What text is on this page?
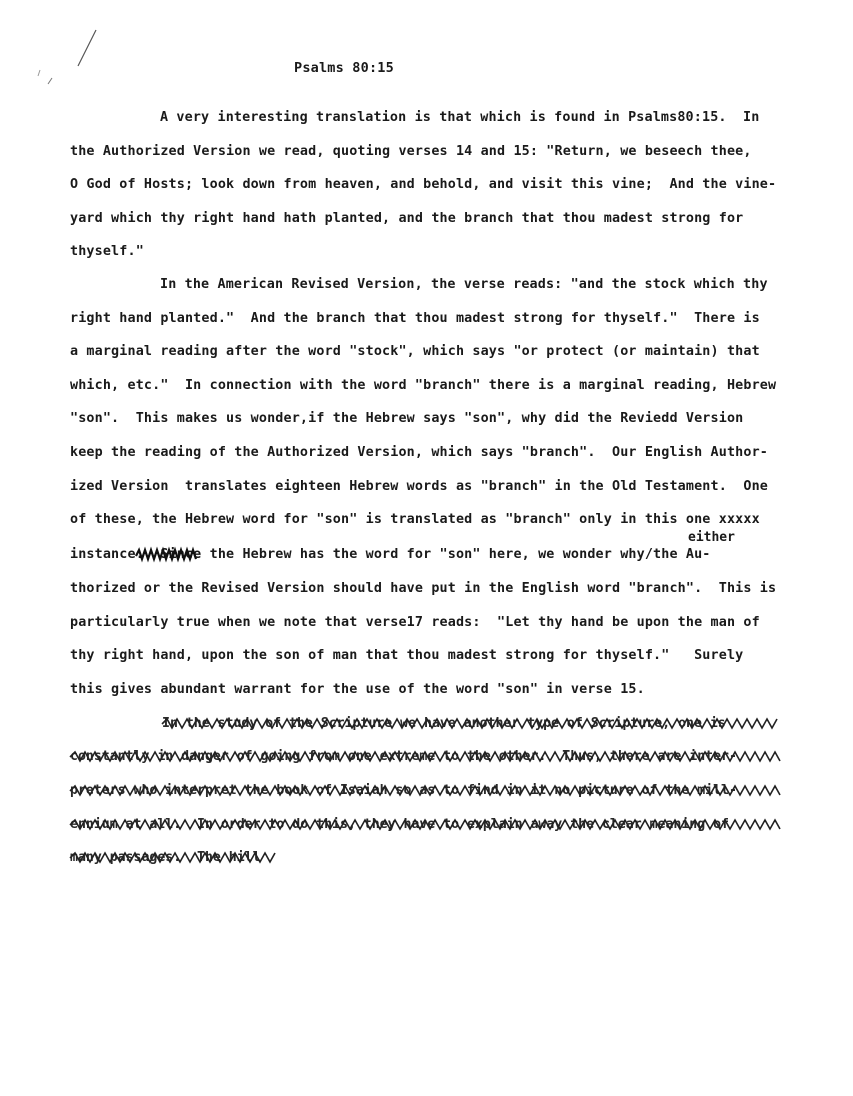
Psalms 80:15
A very interesting translation is that which is found in Psalms80:15.  In
the Authorized Version we read, quoting verses 14 and 15: "Return, we beseech thee,
O God of Hosts; look down from heaven, and behold, and visit this vine;  And the vine-
yard which thy right hand hath planted, and the branch that thou madest strong for
thyself."
In the American Revised Version, the verse reads: "and the stock which thy
right hand planted."  And the branch that thou madest strong for thyself."  There is
a marginal reading after the word "stock", which says "or protect (or maintain) that
which, etc."  In connection with the word "branch" there is a marginal reading, Hebrew
"son".  This makes us wonder,if the Hebrew says "son", why did the Reviedd Version
keep the reading of the Authorized Version, which says "branch".  Our English Author-
ized Version  translates eighteen Hebrew words as "branch" in the Old Testament.  One
of these, the Hebrew word for "son" is translated as "branch" only in this one xxxxx
either
instance.  Since the Hebrew has the word for "son" here, we wonder why/the Au-
thorized or the Revised Version should have put in the English word "branch".  This is
particularly true when we note that verse17 reads:  "Let thy hand be upon the man of
thy right hand, upon the son of man that thou madest strong for thyself."   Surely
this gives abundant warrant for the use of the word "son" in verse 15.
In the study of the Scripture we have another type of Scripture, one is
constantly in danger of going from one extreme to the other.  Thus, there are inter-
preters who interpret the book of Isaiah so as to find in it no picture of the mill-
ennium at all.  In order to do this, they have to explain away the clear meaning of
many passages.  The hill
